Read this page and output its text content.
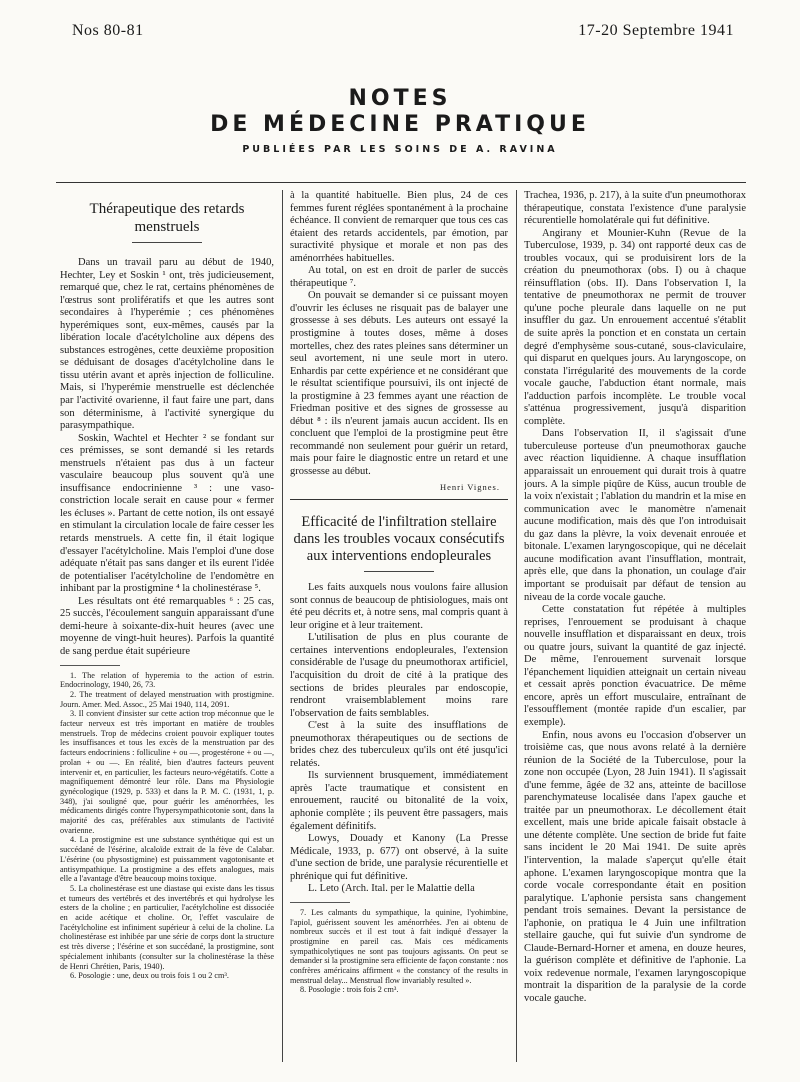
Nos 80-81	17-20 Septembre 1941
NOTES
DE MÉDECINE PRATIQUE
PUBLIÉES PAR LES SOINS DE A. RAVINA
Thérapeutique des retards menstruels

Dans un travail paru au début de 1940, Hechter, Ley et Soskin ¹ ont, très judicieusement, remarqué que, chez le rat, certains phénomènes de l'œstrus sont prolifératifs et que les autres sont secondaires à l'hyperémie ; ces phénomènes hyperémiques sont, eux-mêmes, causés par la libération locale d'acétylcholine aux dépens des substances estrogènes, cette deuxième proposition se déduisant de dosages d'acétylcholine dans le tissu utérin avant et après injection de folliculine. Mais, si l'hyperémie menstruelle est déclenchée par l'activité ovarienne, il faut faire une part, dans son déterminisme, à l'activité synergique du parasympathique.

Soskin, Wachtel et Hechter ² se fondant sur ces prémisses, se sont demandé si les retards menstruels n'étaient pas dus à un facteur vasculaire beaucoup plus souvent qu'à une insuffisance endocrinienne ³ : une vaso-constriction locale serait en cause pour « fermer les écluses ». Partant de cette notion, ils ont essayé en stimulant la circulation locale de faire cesser les retards menstruels. A cette fin, il était logique d'essayer l'acétylcholine. Mais l'emploi d'une dose adéquate n'était pas sans danger et ils eurent l'idée de potentialiser l'acétylcholine de l'endomètre en inhibant par la prostigmine ⁴ la cholinestérase ⁵.

Les résultats ont été remarquables ⁶ : 25 cas, 25 succès, l'écoulement sanguin apparaissant d'une demi-heure à soixante-dix-huit heures (avec une moyenne de vingt-huit heures). Parfois la quantité de sang perdue était supérieure

1. The relation of hyperemia to the action of estrin. Endocrinology, 1940, 26, 73.

2. The treatment of delayed menstruation with prostigmine. Journ. Amer. Med. Assoc., 25 Mai 1940, 114, 2091.

3. Il convient d'insister sur cette action trop méconnue que le facteur nerveux est très important en matière de troubles menstruels. Trop de médecins croient pouvoir expliquer toutes les insuffisances et tous les excès de la menstruation par des facteurs endocriniens : folliculine + ou —, progestérone + ou —, prolan + ou —. En réalité, bien d'autres facteurs peuvent intervenir et, en particulier, les facteurs neuro-végétatifs. Cotte a magnifiquement démontré leur rôle. Dans ma Physiologie gynécologique (1929, p. 533) et dans la P. M. C. (1931, 1, p. 348), j'ai souligné que, pour guérir les aménorrhées, les médicaments dirigés contre l'hypersympathicotonie sont, dans la majorité des cas, préférables aux stimulants de l'activité ovarienne.

4. La prostigmine est une substance synthétique qui est un succédané de l'ésérine, alcaloïde extrait de la fève de Calabar. L'ésérine (ou physostigmine) est puissamment vagotonisante et antisympathique. La prostigmine a des effets analogues, mais elle a l'avantage d'être beaucoup moins toxique.

5. La cholinestérase est une diastase qui existe dans les tissus et tumeurs des vertébrés et des invertébrés et qui hydrolyse les esters de la choline ; en particulier, l'acétylcholine est dissociée en acide acétique et choline. Or, l'effet vasculaire de l'acétylcholine est infiniment supérieur à celui de la choline. La cholinestérase est inhibée par une série de corps dont la structure est très diverse ; l'ésérine et son succédané, la prostigmine, sont spécialement inhibants (consulter sur la cholinestérase la thèse de Henri Chrétien, Paris, 1940).

6. Posologie : une, deux ou trois fois 1 ou 2 cm³.

à la quantité habituelle. Bien plus, 24 de ces femmes furent réglées spontanément à la prochaine échéance. Il convient de remarquer que tous ces cas étaient des retards accidentels, par émotion, par suractivité physique et morale et non pas des aménorrhées habituelles.

Au total, on est en droit de parler de succès thérapeutique ⁷.

On pouvait se demander si ce puissant moyen d'ouvrir les écluses ne risquait pas de balayer une grossesse à ses débuts. Les auteurs ont essayé la prostigmine à toutes doses, même à doses mortelles, chez des rates pleines sans déterminer un seul avortement, ni une seule mort in utero. Enhardis par cette expérience et ne considérant que le résultat scientifique poursuivi, ils ont injecté de la prostigmine à 23 femmes ayant une réaction de Friedman positive et des signes de grossesse au début ⁸ : ils n'eurent jamais aucun accident. Ils en concluent que l'emploi de la prostigmine peut être recommandé non seulement pour guérir un retard, mais pour faire le diagnostic entre un retard et une grossesse au début.

Henri Vignes.
Efficacité de l'infiltration stellaire dans les troubles vocaux consécutifs aux interventions endopleurales

Les faits auxquels nous voulons faire allusion sont connus de beaucoup de phtisiologues, mais ont été peu décrits et, à notre sens, mal compris quant à leur origine et à leur traitement.

L'utilisation de plus en plus courante de certaines interventions endopleurales, l'extension considérable de l'usage du pneumothorax artificiel, l'acquisition du droit de cité à la pratique des sections de brides pleurales par endoscopie, rendront vraisemblablement moins rare l'observation de faits semblables.

C'est à la suite des insufflations de pneumothorax thérapeutiques ou de sections de brides chez des tuberculeux qu'ils ont été jusqu'ici relatés.

Ils surviennent brusquement, immédiatement après l'acte traumatique et consistent en enrouement, raucité ou bitonalité de la voix, aphonie complète ; ils peuvent être passagers, mais également définitifs.

Lowys, Douady et Kanony (La Presse Médicale, 1933, p. 677) ont observé, à la suite d'une section de bride, une paralysie récurentielle et phrénique qui fut définitive.

L. Leto (Arch. Ital. per le Malattie della

7. Les calmants du sympathique, la quinine, l'yohimbine, l'apiol, guérissent souvent les aménorrhées. J'en ai obtenu de nombreux succès et il est tout à fait indiqué d'essayer la prostigmine en pareil cas. Mais ces médicaments sympathicolytiques ne sont pas toujours agissants. On peut se demander si la prostigmine sera efficiente de façon constante : nos confrères américains affirment « the constancy of the results in menstrual delay... Menstrual flow invariably resulted ».

8. Posologie : trois fois 2 cm³.

Trachea, 1936, p. 217), à la suite d'un pneumothorax thérapeutique, constata l'existence d'une paralysie récurentielle homolatérale qui fut définitive.

Angirany et Mounier-Kuhn (Revue de la Tuberculose, 1939, p. 34) ont rapporté deux cas de troubles vocaux, qui se produisirent lors de la création du pneumothorax (obs. I) ou à chaque réinsufflation (obs. II). Dans l'observation I, la tentative de pneumothorax ne permit de trouver qu'une poche pleurale dans laquelle on ne put insuffler du gaz. Un enrouement accentué s'établit de suite après la ponction et en constata un certain degré d'emphysème sous-cutané, sous-claviculaire, qui disparut en quelques jours. Au laryngoscope, on constata l'irrégularité des mouvements de la corde vocale gauche, l'abduction étant normale, mais l'adduction parfois incomplète. Le trouble vocal s'atténua progressivement, jusqu'à disparition complète.

Dans l'observation II, il s'agissait d'une tuberculeuse porteuse d'un pneumothorax gauche avec réaction liquidienne. A chaque insufflation apparaissait un enrouement qui durait trois à quatre jours. A la simple piqûre de Küss, aucun trouble de la voix n'existait ; l'ablation du mandrin et la mise en communication avec le manomètre n'amenait aucune modification, mais dès que l'on introduisait du gaz dans la plèvre, la voix devenait enrouée et bitonale. L'examen laryngoscopique, qui ne décelait aucune modification avant l'insufflation, montrait, après elle, que dans la phonation, un coulage d'air important se produisait par défaut de tension au niveau de la corde vocale gauche.

Cette constatation fut répétée à multiples reprises, l'enrouement se produisant à chaque nouvelle insufflation et disparaissant en deux, trois ou quatre jours, suivant la quantité de gaz injecté. De même, l'enrouement survenait lorsque l'épanchement liquidien atteignait un certain niveau et cessait après ponction évacuatrice. De même encore, après un effort musculaire, entraînant de l'essoufflement (montée rapide d'un escalier, par exemple).

Enfin, nous avons eu l'occasion d'observer un troisième cas, que nous avons relaté à la dernière réunion de la Société de la Tuberculose, pour la zone non occupée (Lyon, 28 Juin 1941). Il s'agissait d'une femme, âgée de 32 ans, atteinte de bacillose parenchymateuse localisée dans l'apex gauche et traitée par un pneumothorax. Le décollement était excellent, mais une bride apicale faisait obstacle à une détente complète. Une section de bride fut faite sans incident le 20 Mai 1941. De suite après l'intervention, la malade s'aperçut qu'elle était aphone. L'examen laryngoscopique montra que la corde vocale correspondante était en position paralytique. L'aphonie persista sans changement pendant trois semaines. Devant la persistance de l'aphonie, on pratiqua le 4 Juin une infiltration stellaire gauche, qui fut suivie d'un syndrome de Claude-Bernard-Horner et amena, en douze heures, la guérison complète et définitive de l'aphonie. La voix redevenue normale, l'examen laryngoscopique montrait la disparition de la paralysie de la corde vocale gauche.
